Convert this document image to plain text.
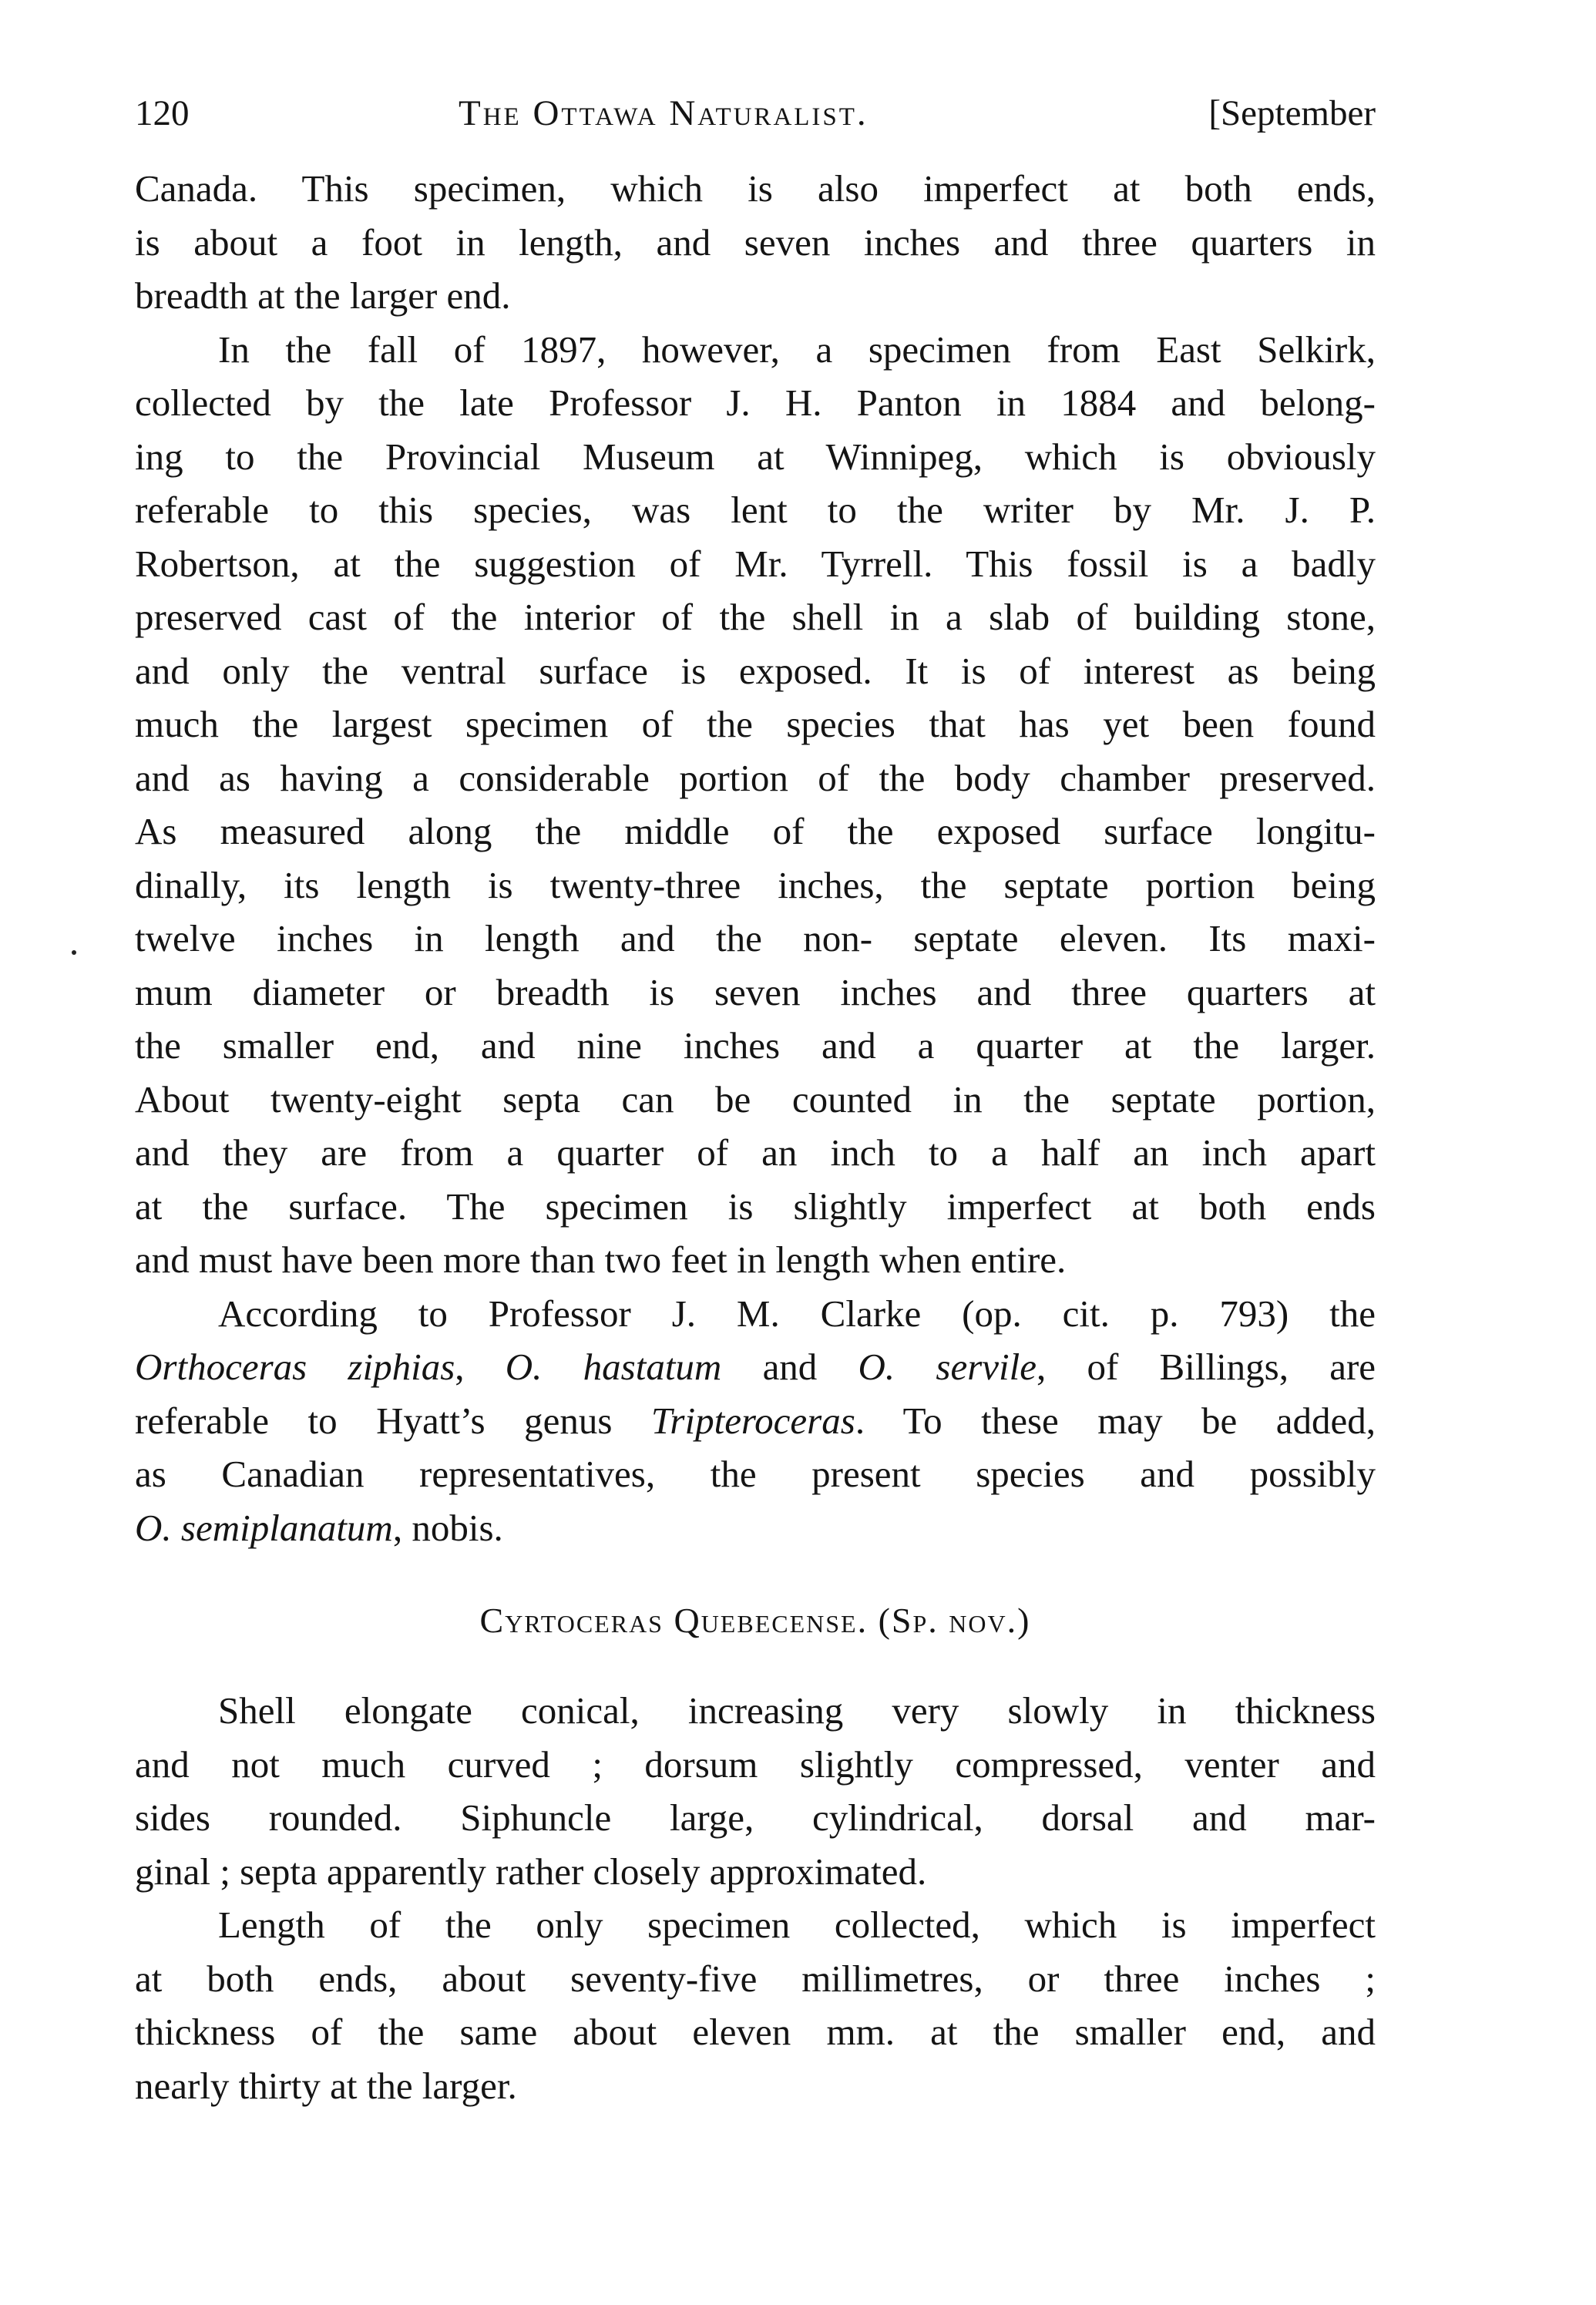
120	The Ottawa Naturalist.	[September
Canada. This specimen, which is also imperfect at both ends,
is about a foot in length, and seven inches and three quarters in
breadth at the larger end.
In the fall of 1897, however, a specimen from East Selkirk,
collected by the late Professor J. H. Panton in 1884 and belong-
ing to the Provincial Museum at Winnipeg, which is obviously
referable to this species, was lent to the writer by Mr. J. P.
Robertson, at the suggestion of Mr. Tyrrell. This fossil is a badly
preserved cast of the interior of the shell in a slab of building stone,
and only the ventral surface is exposed. It is of interest as being
much the largest specimen of the species that has yet been found
and as having a considerable portion of the body chamber preserved.
As measured along the middle of the exposed surface longitu-
dinally, its length is twenty-three inches, the septate portion being
twelve inches in length and the non- septate eleven. Its maxi-
mum diameter or breadth is seven inches and three quarters at
the smaller end, and nine inches and a quarter at the larger.
About twenty-eight septa can be counted in the septate portion,
and they are from a quarter of an inch to a half an inch apart
at the surface. The specimen is slightly imperfect at both ends
and must have been more than two feet in length when entire.
According to Professor J. M. Clarke (op. cit. p. 793) the
Orthoceras ziphias, O. hastatum and O. servile, of Billings, are
referable to Hyatt’s genus Tripteroceras. To these may be added,
as Canadian representatives, the present species and possibly
O. semiplanatum, nobis.
Cyrtoceras Quebecense. (Sp. nov.)
Shell elongate conical, increasing very slowly in thickness
and not much curved ; dorsum slightly compressed, venter and
sides rounded. Siphuncle large, cylindrical, dorsal and mar-
ginal ; septa apparently rather closely approximated.
Length of the only specimen collected, which is imperfect
at both ends, about seventy-five millimetres, or three inches ;
thickness of the same about eleven mm. at the smaller end, and
nearly thirty at the larger.
